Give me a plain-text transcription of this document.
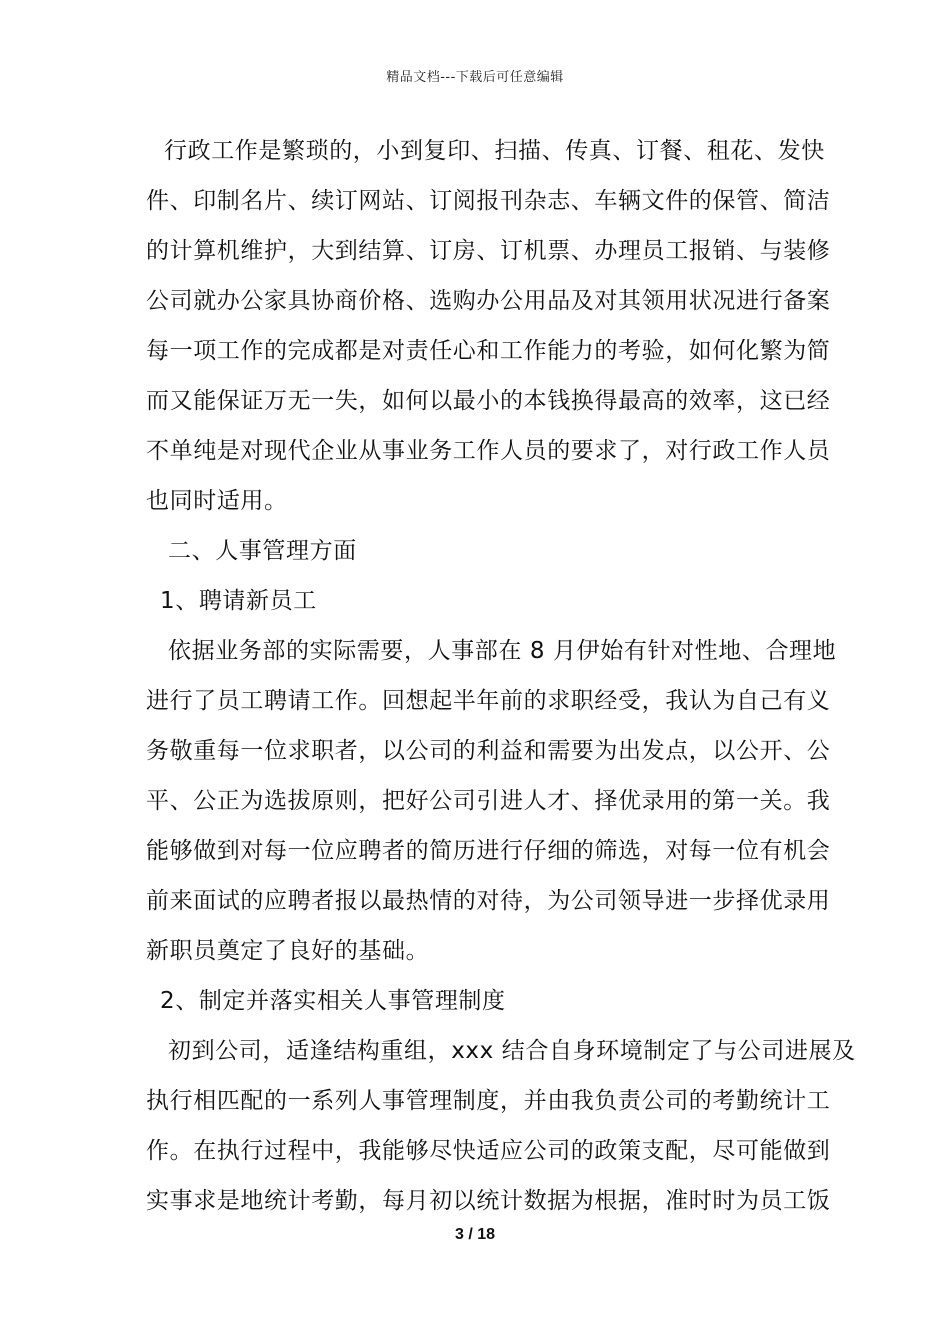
精品文档---下载后可任意编辑
行政工作是繁琐的，小到复印、扫描、传真、订餐、租花、发快
件、印制名片、续订网站、订阅报刊杂志、车辆文件的保管、简洁
的计算机维护，大到结算、订房、订机票、办理员工报销、与装修
公司就办公家具协商价格、选购办公用品及对其领用状况进行备案
每一项工作的完成都是对责任心和工作能力的考验，如何化繁为简
而又能保证万无一失，如何以最小的本钱换得最高的效率，这已经
不单纯是对现代企业从事业务工作人员的要求了，对行政工作人员
也同时适用。
二、人事管理方面
1、聘请新员工
依据业务部的实际需要，人事部在 8 月伊始有针对性地、合理地
进行了员工聘请工作。回想起半年前的求职经受，我认为自己有义
务敬重每一位求职者，以公司的利益和需要为出发点，以公开、公
平、公正为选拔原则，把好公司引进人才、择优录用的第一关。我
能够做到对每一位应聘者的简历进行仔细的筛选，对每一位有机会
前来面试的应聘者报以最热情的对待，为公司领导进一步择优录用
新职员奠定了良好的基础。
2、制定并落实相关人事管理制度
初到公司，适逢结构重组，xxx 结合自身环境制定了与公司进展及
执行相匹配的一系列人事管理制度，并由我负责公司的考勤统计工
作。在执行过程中，我能够尽快适应公司的政策支配，尽可能做到
实事求是地统计考勤，每月初以统计数据为根据，准时时为员工饭
3 / 18
